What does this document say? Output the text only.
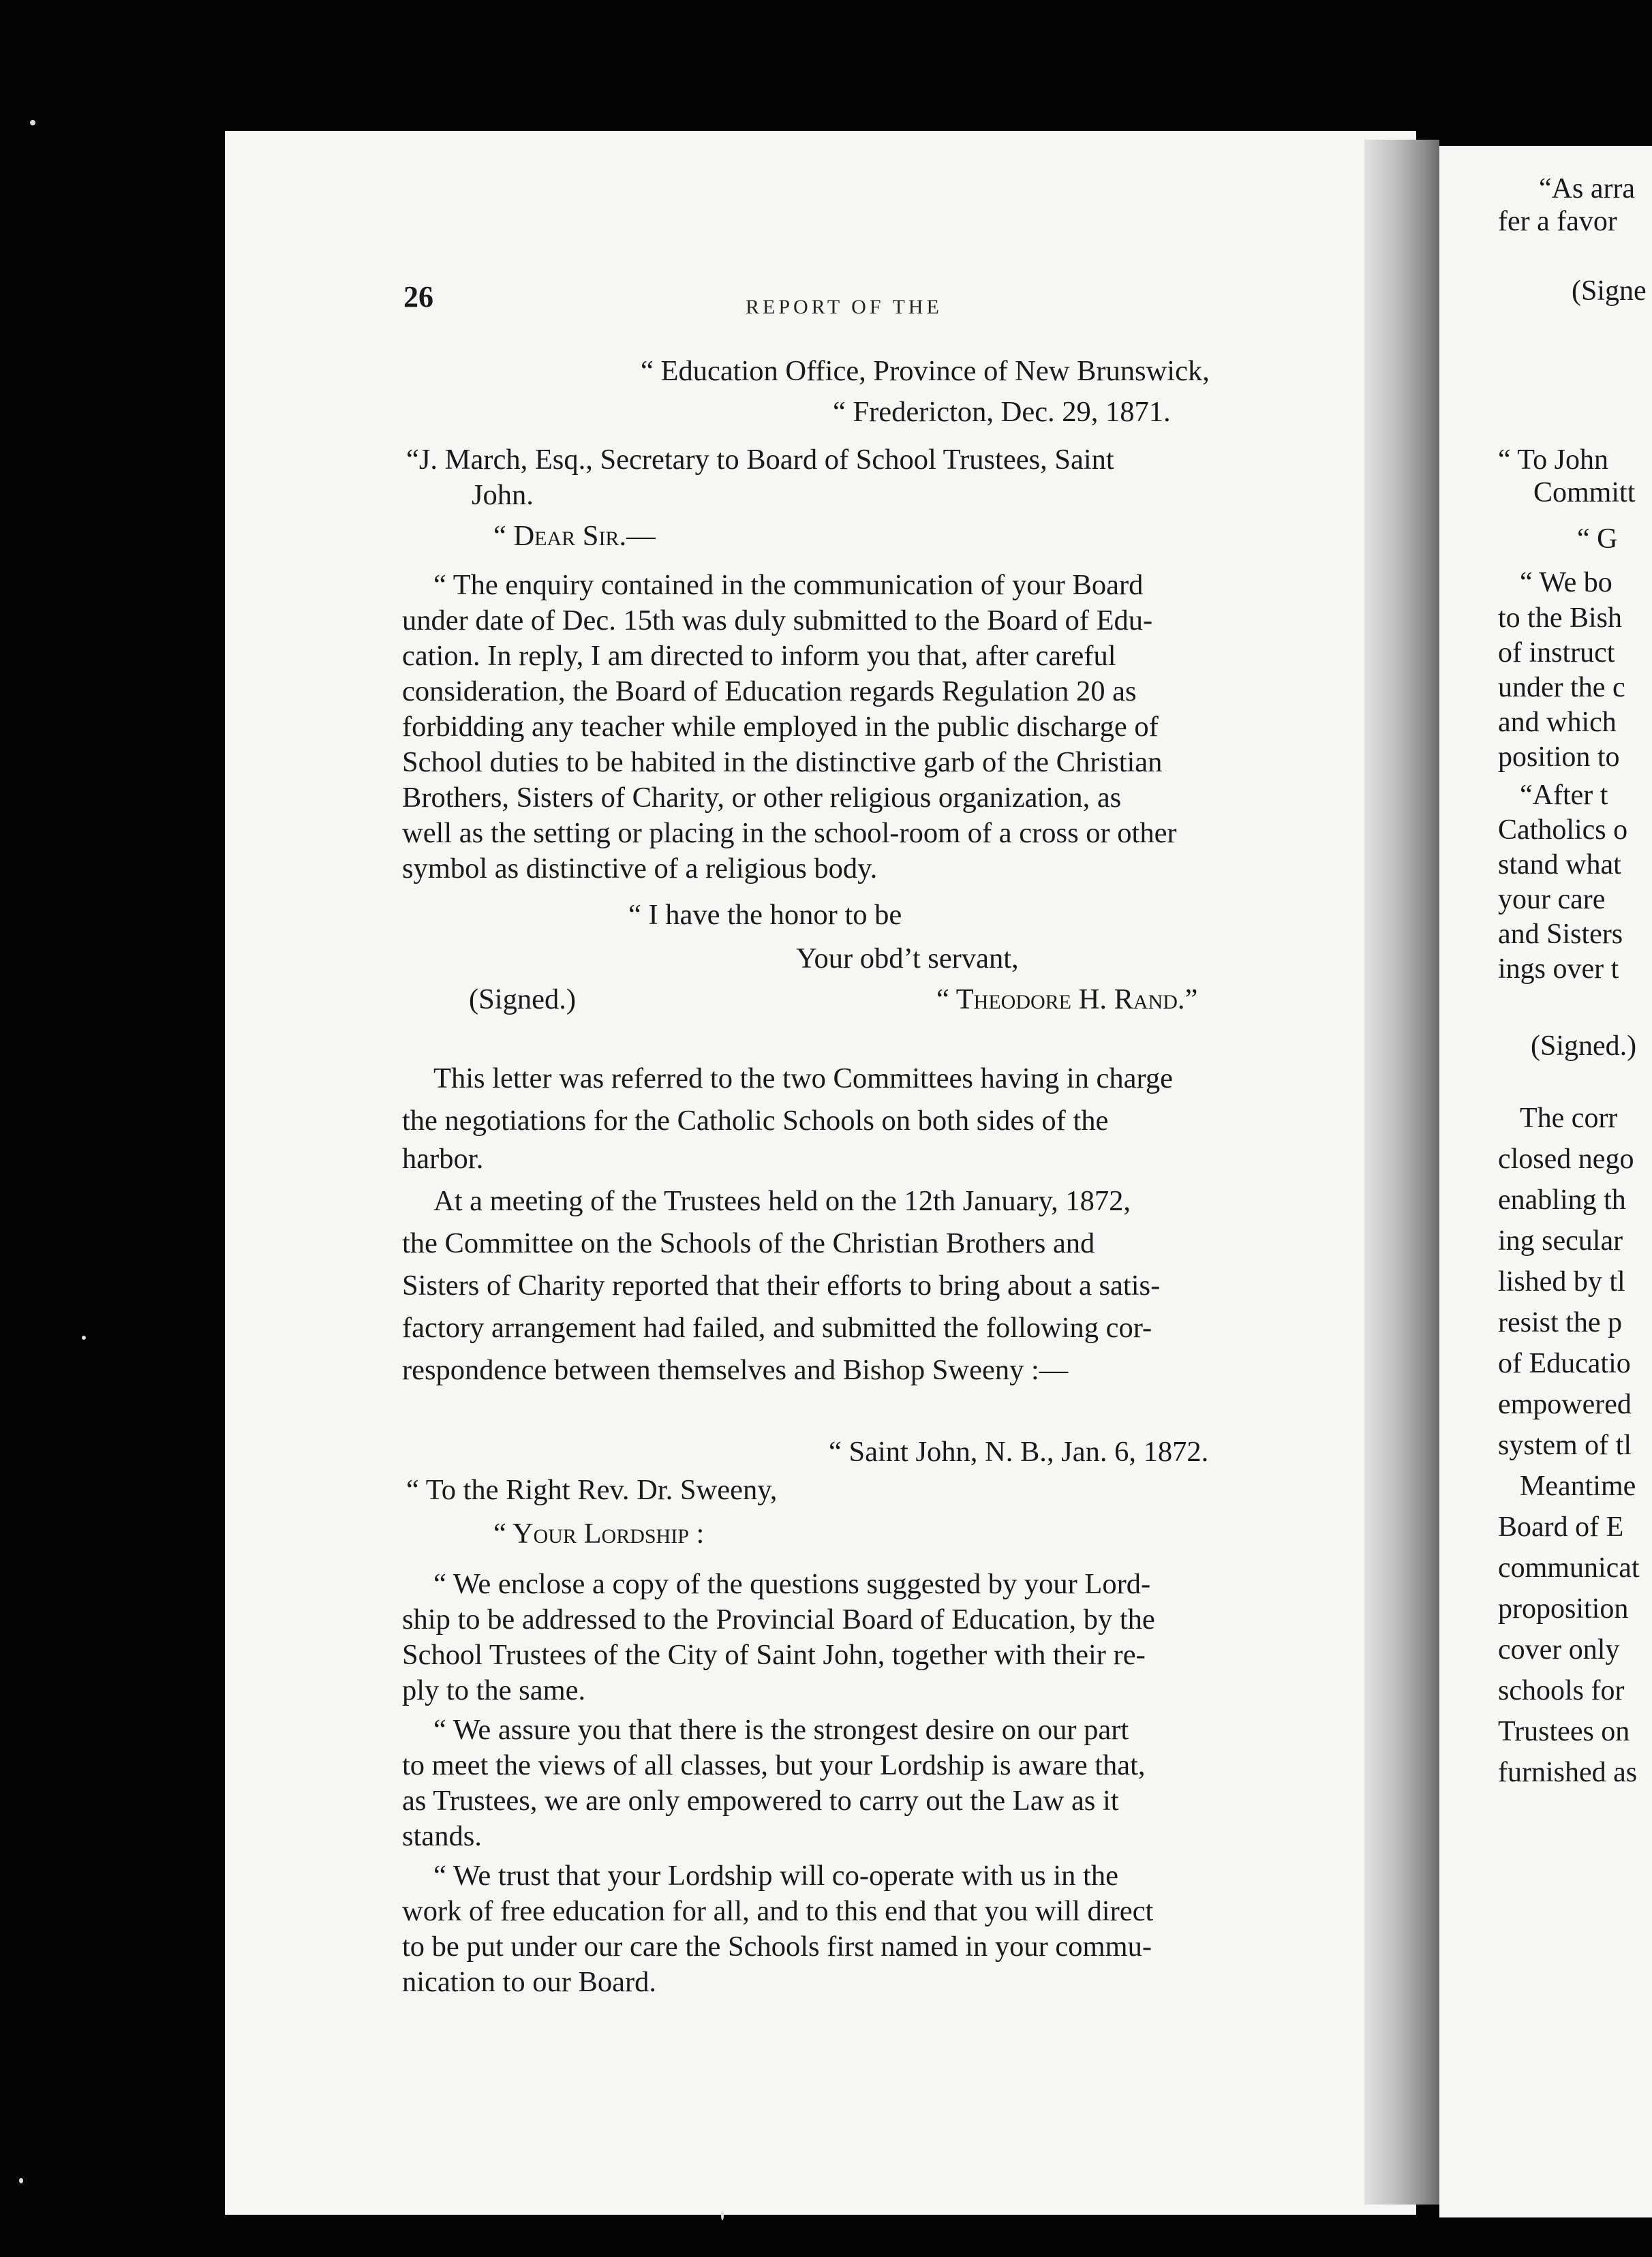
“As arra
fer a favor
(Signe
“ To John
Committ
“ G
“ We bo
to the Bish
of instruct
under the c
and which
position to
“After t
Catholics o
stand what
your care
and Sisters
ings over t
(Signed.)
The corr
closed nego
enabling th
ing secular
lished by tl
resist the p
of Educatio
empowered
system of tl
Meantime
Board of E
communicat
proposition
cover only
schools for
Trustees on
furnished as
26	REPORT OF THE
“ Education Office, Province of New Brunswick,
“ Fredericton, Dec. 29, 1871.
“J. March, Esq., Secretary to Board of School Trustees, Saint
John.
“ Dear Sir.—
“ The enquiry contained in the communication of your Board
under date of Dec. 15th was duly submitted to the Board of Edu-
cation. In reply, I am directed to inform you that, after careful
consideration, the Board of Education regards Regulation 20 as
forbidding any teacher while employed in the public discharge of
School duties to be habited in the distinctive garb of the Christian
Brothers, Sisters of Charity, or other religious organization, as
well as the setting or placing in the school-room of a cross or other
symbol as distinctive of a religious body.
“ I have the honor to be
Your obd’t servant,
(Signed.)	“ Theodore H. Rand.”
This letter was referred to the two Committees having in charge
the negotiations for the Catholic Schools on both sides of the
harbor.
At a meeting of the Trustees held on the 12th January, 1872,
the Committee on the Schools of the Christian Brothers and
Sisters of Charity reported that their efforts to bring about a satis-
factory arrangement had failed, and submitted the following cor-
respondence between themselves and Bishop Sweeny :—
“ Saint John, N. B., Jan. 6, 1872.
“ To the Right Rev. Dr. Sweeny,
“ Your Lordship :
“ We enclose a copy of the questions suggested by your Lord-
ship to be addressed to the Provincial Board of Education, by the
School Trustees of the City of Saint John, together with their re-
ply to the same.
“ We assure you that there is the strongest desire on our part
to meet the views of all classes, but your Lordship is aware that,
as Trustees, we are only empowered to carry out the Law as it
stands.
“ We trust that your Lordship will co-operate with us in the
work of free education for all, and to this end that you will direct
to be put under our care the Schools first named in your commu-
nication to our Board.
